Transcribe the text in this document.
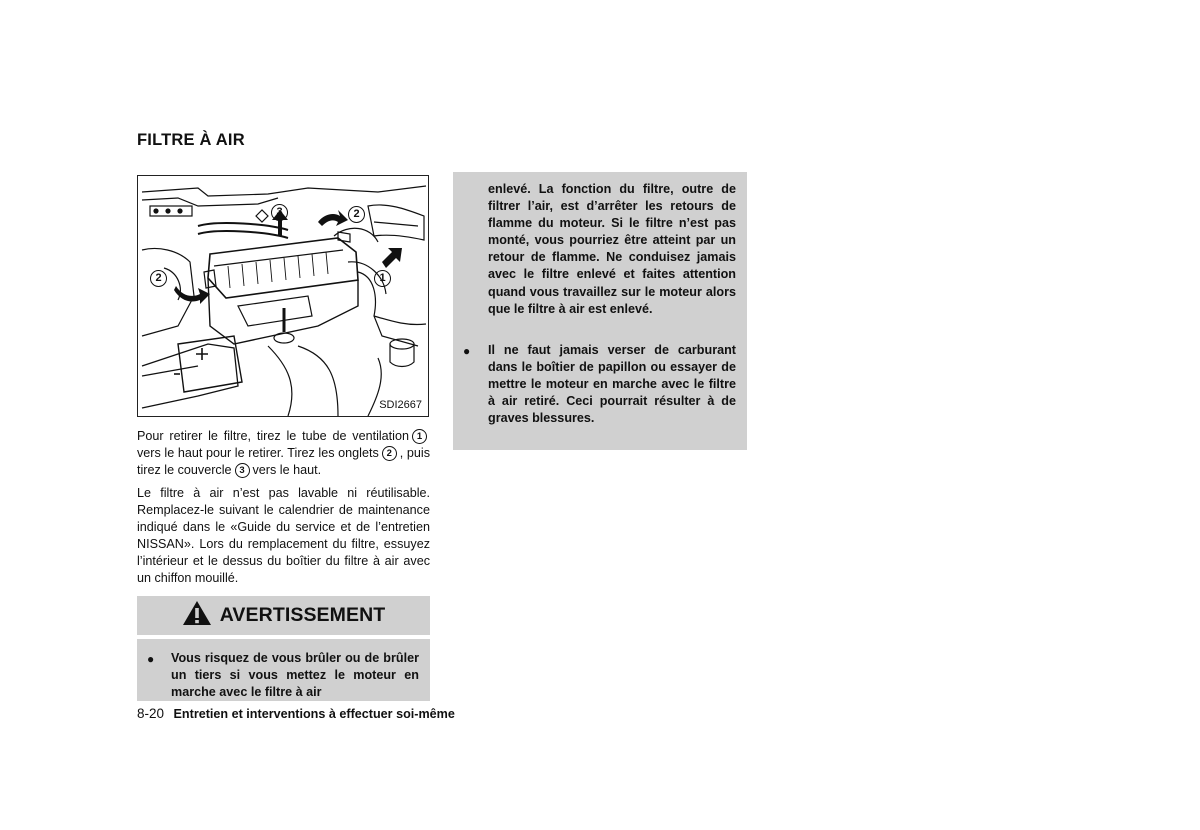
FILTRE À AIR
3	2
1
2
SDI2667
Pour retirer le filtre, tirez le tube de ventilation 1 vers le haut pour le retirer. Tirez les onglets 2 , puis tirez le couvercle 3 vers le haut.
Le filtre à air n’est pas lavable ni réutilisable. Remplacez-le suivant le calendrier de maintenance indiqué dans le «Guide du service et de l’entretien NISSAN». Lors du remplacement du filtre, essuyez l’intérieur et le dessus du boîtier du filtre à air avec un chiffon mouillé.
AVERTISSEMENT
● Vous risquez de vous brûler ou de brûler un tiers si vous mettez le moteur en marche avec le filtre à air
enlevé. La fonction du filtre, outre de filtrer l’air, est d’arrêter les retours de flamme du moteur. Si le filtre n’est pas monté, vous pourriez être atteint par un retour de flamme. Ne conduisez jamais avec le filtre enlevé et faites attention quand vous travaillez sur le moteur alors que le filtre à air est enlevé.
● Il ne faut jamais verser de carburant dans le boîtier de papillon ou essayer de mettre le moteur en marche avec le filtre à air retiré. Ceci pourrait résulter à de graves blessures.
8-20 Entretien et interventions à effectuer soi-même
